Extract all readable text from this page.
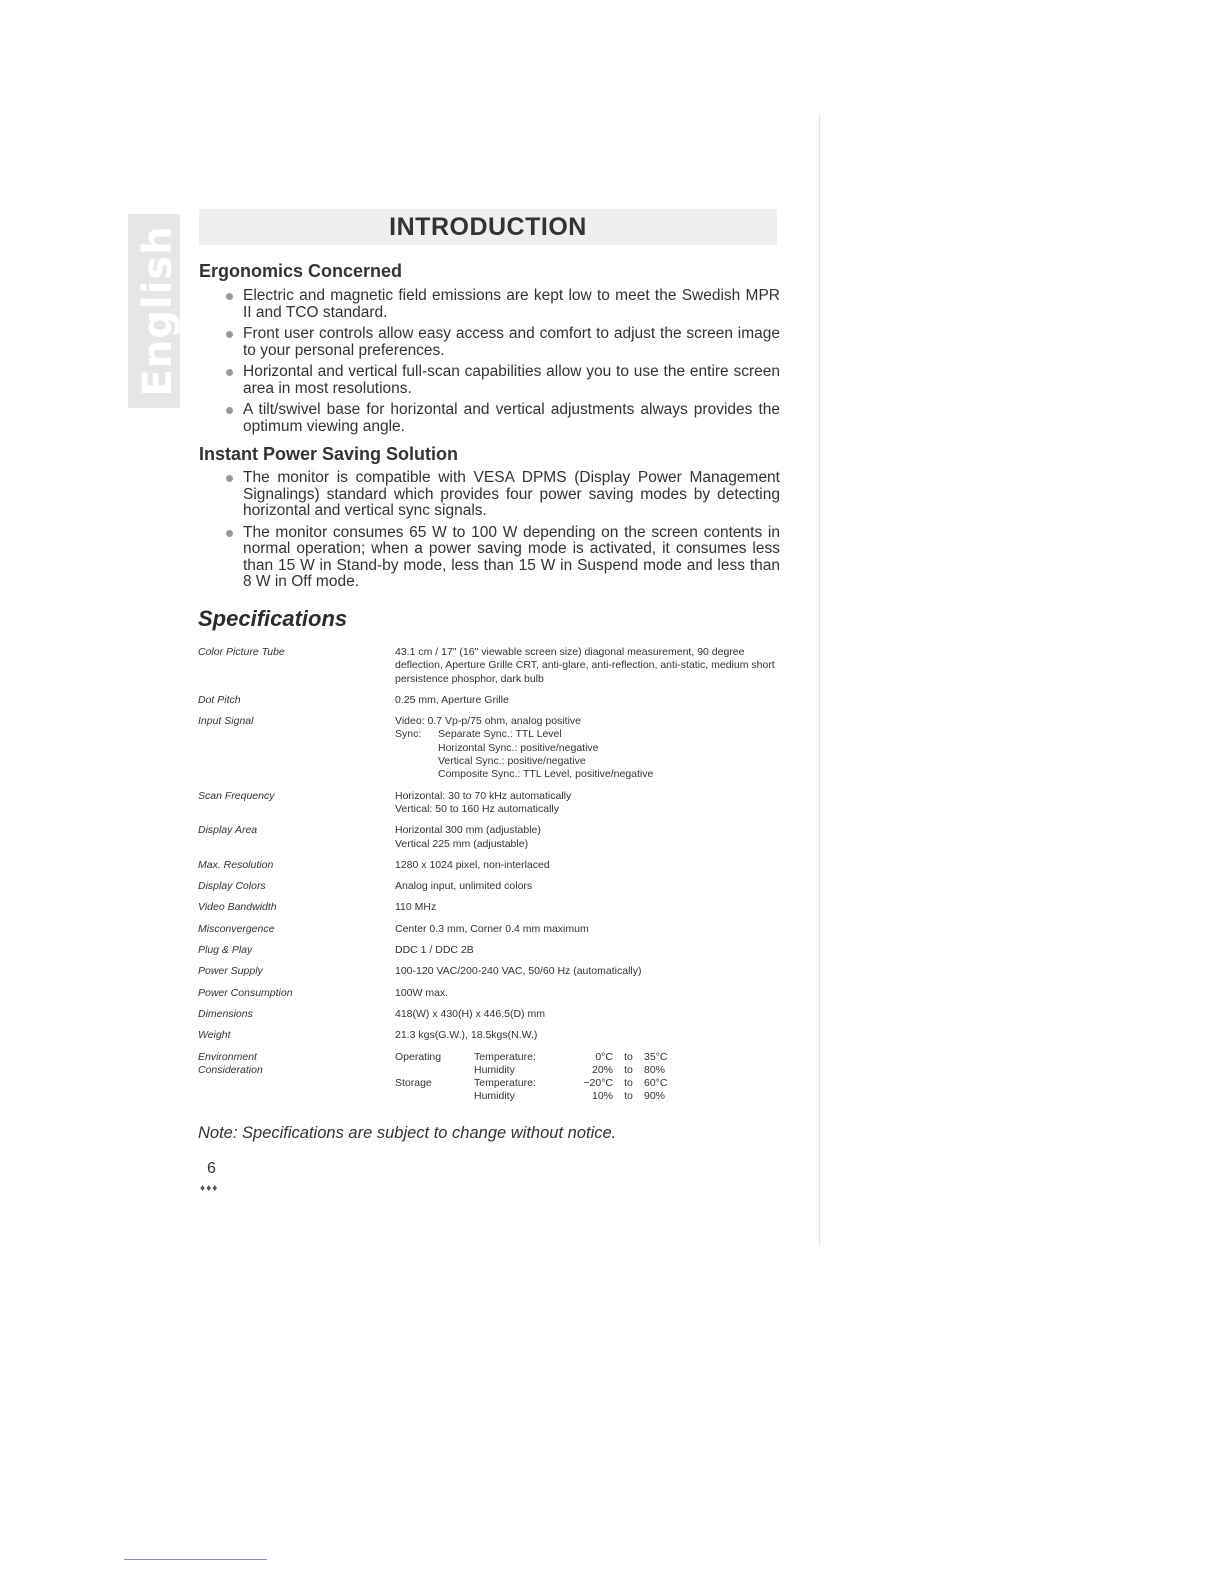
English	INTRODUCTION
Ergonomics Concerned
Electric and magnetic field emissions are kept low to meet the Swedish MPR II and TCO standard.
Front user controls allow easy access and comfort to adjust the screen image to your personal preferences.
Horizontal and vertical full-scan capabilities allow you to use the entire screen area in most resolutions.
A tilt/swivel base for horizontal and vertical adjustments always provides the optimum viewing angle.
Instant Power Saving Solution
The monitor is compatible with VESA DPMS (Display Power Management Signalings) standard which provides four power saving modes by detecting horizontal and vertical sync signals.
The monitor consumes 65 W to 100 W depending on the screen contents in normal operation; when a power saving mode is activated, it consumes less than 15 W in Stand-by mode, less than 15 W in Suspend mode and less than 8 W in Off mode.
Specifications
Color Picture Tube	43.1 cm / 17" (16" viewable screen size) diagonal measurement, 90 degree deflection, Aperture Grille CRT, anti-glare, anti-reflection, anti-static, medium short persistence phosphor, dark bulb
Dot Pitch	0.25 mm, Aperture Grille
Input Signal	Video: 0.7 Vp-p/75 ohm, analog positive
Sync:	Separate Sync.: TTL Level
Horizontal Sync.: positive/negative
Vertical Sync.: positive/negative
Composite Sync.: TTL Level, positive/negative
Scan Frequency	Horizontal: 30 to 70 kHz automatically
Vertical: 50 to 160 Hz automatically
Display Area	Horizontal 300 mm (adjustable)
Vertical 225 mm (adjustable)
Max. Resolution	1280 x 1024 pixel, non-interlaced
Display Colors	Analog input, unlimited colors
Video Bandwidth	110 MHz
Misconvergence	Center 0.3 mm, Corner 0.4 mm maximum
Plug & Play	DDC 1 / DDC 2B
Power Supply	100-120 VAC/200-240 VAC, 50/60 Hz (automatically)
Power Consumption	100W max.
Dimensions	418(W) x 430(H) x 446.5(D) mm
Weight	21.3 kgs(G.W.), 18.5kgs(N.W.)
Environment
Consideration
Operating	Temperature:	0°C	to	35°C
Humidity	20%	to	80%
Storage	Temperature:	−20°C	to	60°C
Humidity	10%	to	90%
Note: Specifications are subject to change without notice.
6
♦♦♦
